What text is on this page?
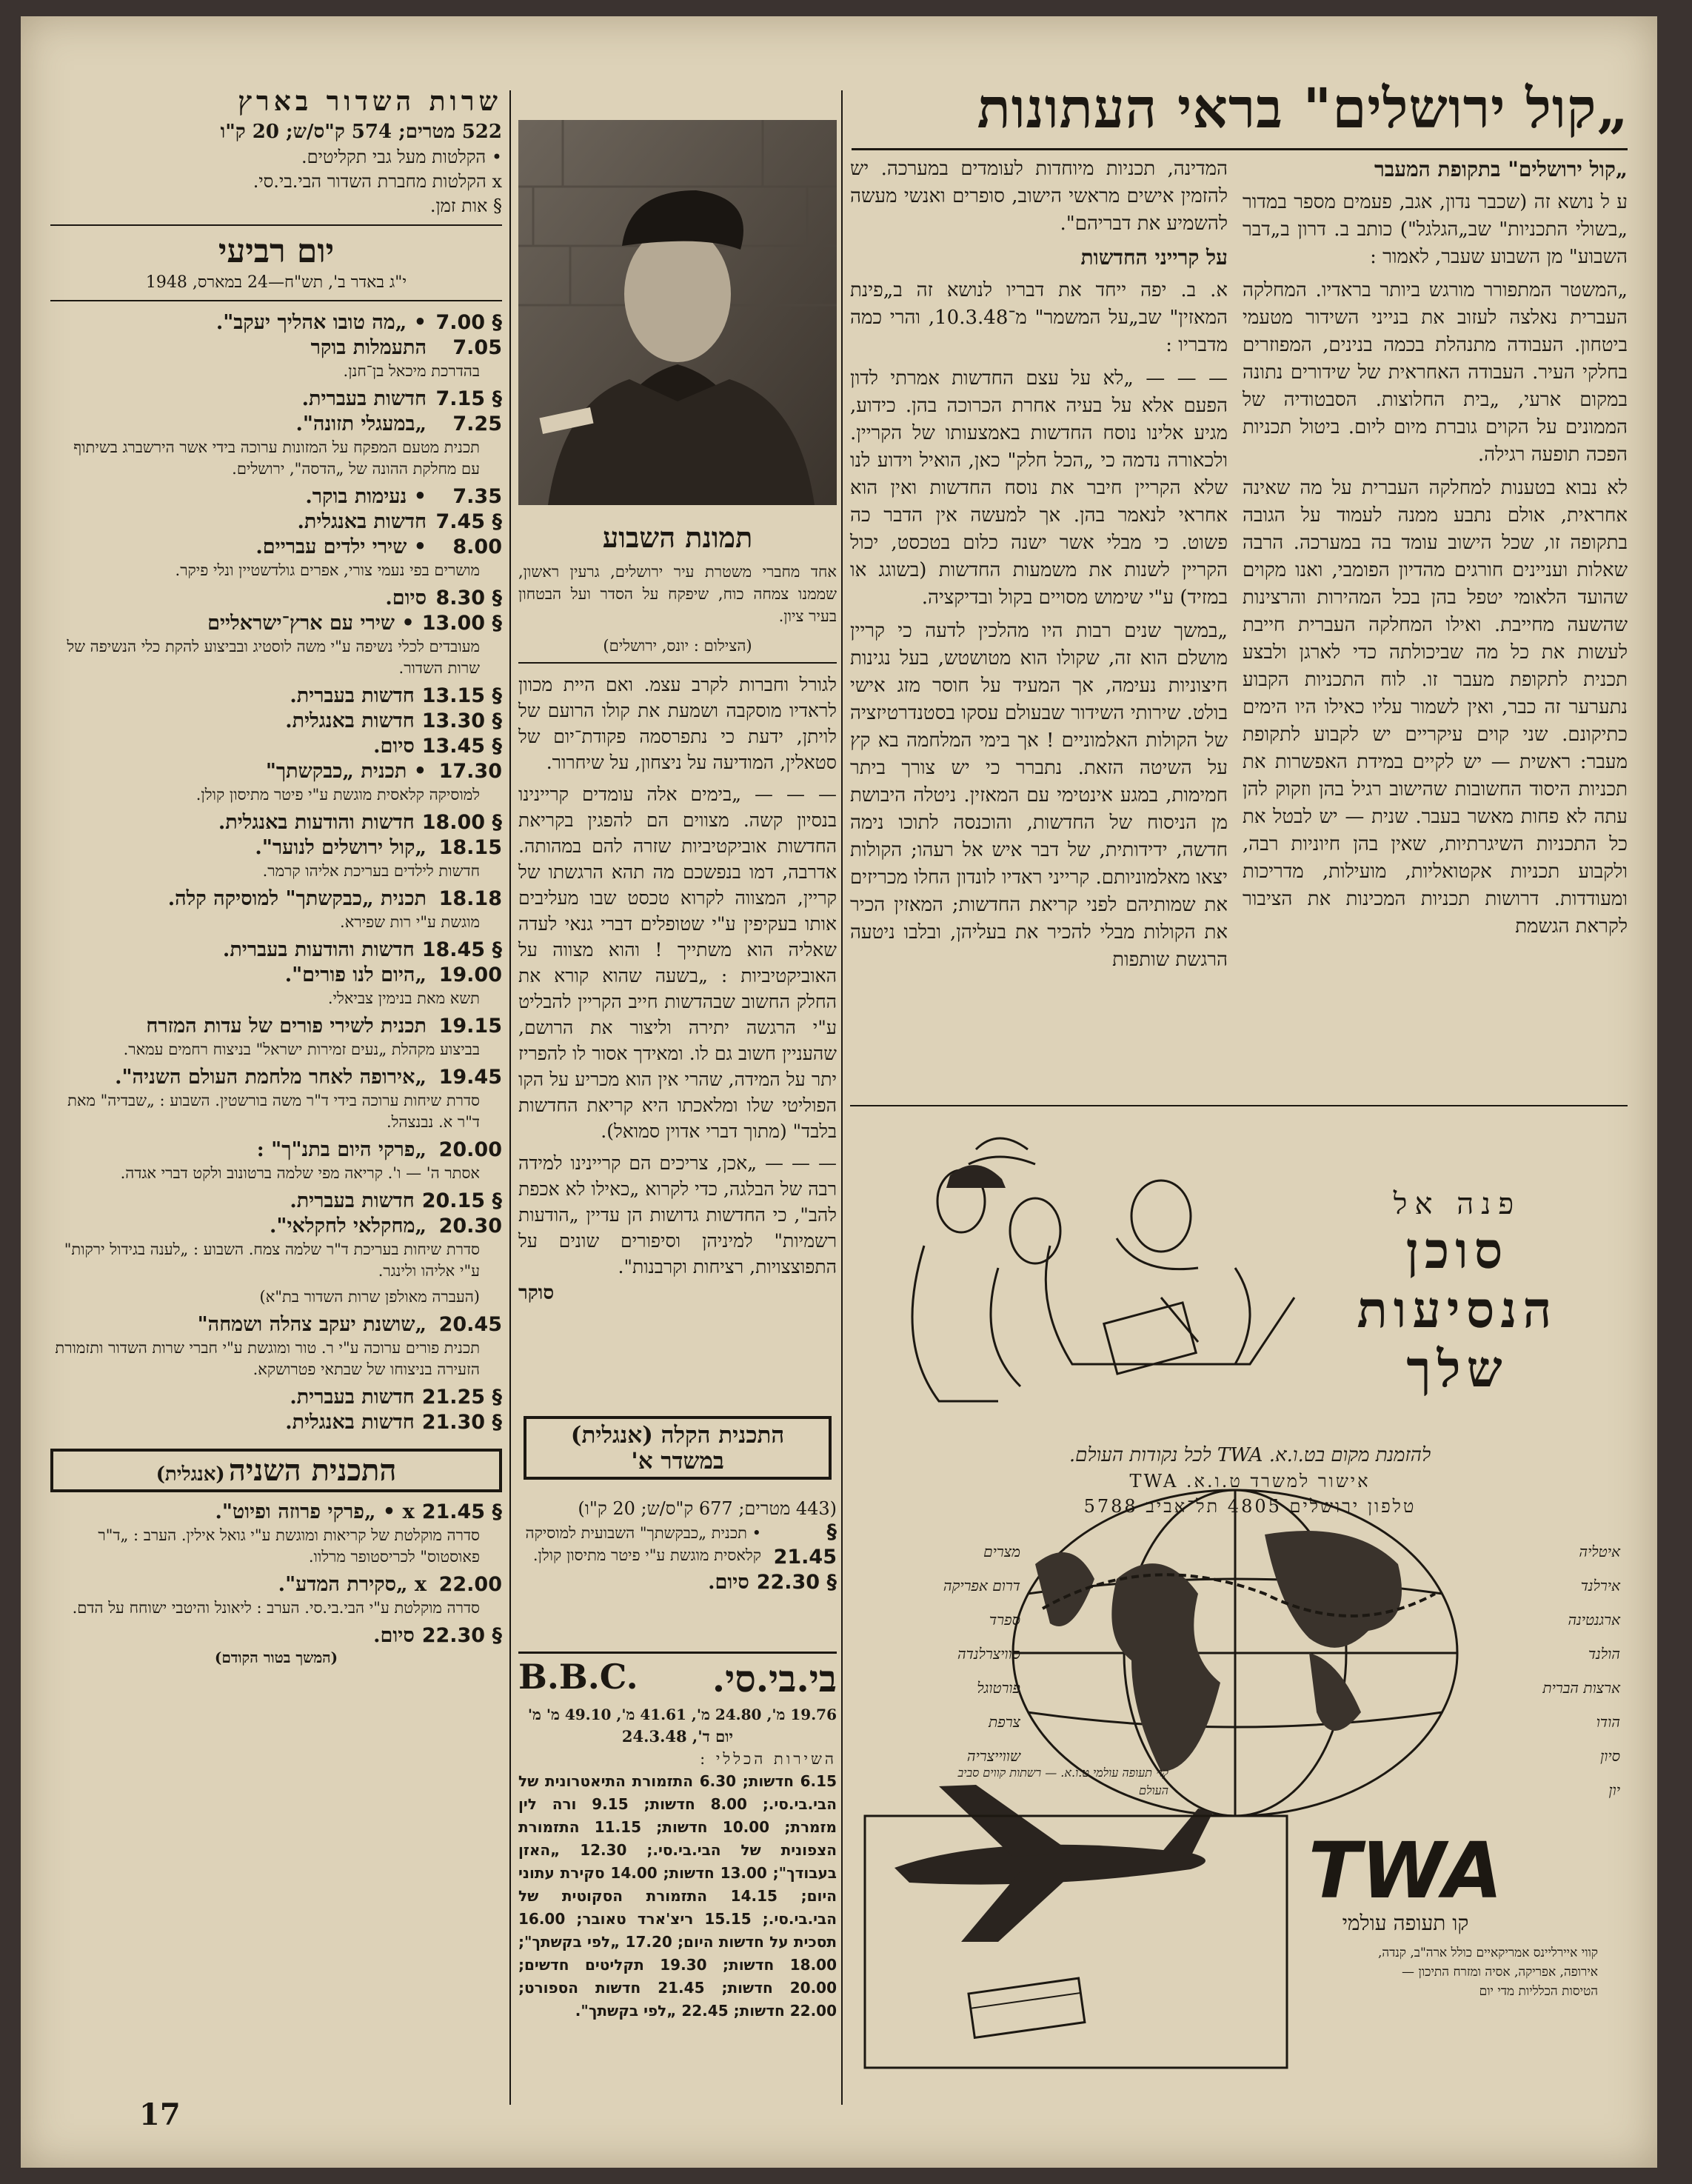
„קול ירושלים" בראי העתונות

„קול ירושלים" בתקופת המעבר

ע ל נושא זה (שכבר נדון, אגב, פעמים מספר במדור „בשולי התכניות" שב„הגלגל") כותב ב. דרון ב„דבר השבוע" מן השבוע שעבר, לאמור :

„המשטר המתפורר מורגש ביותר בראדיו. המחלקה העברית נאלצה לעזוב את בנייני השידור מטעמי ביטחון. העבודה מתנהלת בכמה בנינים, המפוזרים בחלקי העיר. העבודה האחראית של שידורים נתונה במקום ארעי, „בית החלוצות. הסבטודיה של הממונים על הקוים גוברת מיום ליום. ביטול תכניות הפכה תופעה רגילה.

לא נבוא בטענות למחלקה העברית על מה שאינה אחראית, אולם נתבע ממנה לעמוד על הגובה בתקופה זו, שכל הישוב עומד בה במערכה. הרבה שאלות ועניינים חורגים מהדיון הפומבי, ואנו מקוים שהועד הלאומי יטפל בהן בכל המהירות והרצינות שהשעה מחייבת. ואילו המחלקה העברית חייבת לעשות את כל מה שביכולתה כדי לארגן ולבצע תכנית לתקופת מעבר זו. לוח התכניות הקבוע נתערער זה כבר, ואין לשמור עליו כאילו היו הימים כתיקונם. שני קוים עיקריים יש לקבוע לתקופת מעבר: ראשית — יש לקיים במידת האפשרות את תכניות היסוד החשובות שהישוב רגיל בהן וזקוק להן עתה לא פחות מאשר בעבר. שנית — יש לבטל את כל התכניות השיגרתיות, שאין בהן חיוניות רבה, ולקבוע תכניות אקטואליות, מועילות, מדריכות ומעודדות. דרושות תכניות המכינות את הציבור לקראת הגשמת

המדינה, תכניות מיוחדות לעומדים במערכה. יש להזמין אישים מראשי הישוב, סופרים ואנשי מעשה להשמיע את דבריהם".

על קרייני החדשות

א. ב. יפה ייחד את דבריו לנושא זה ב„פינת המאזין" שב„על המשמר" מ־10.3.48, והרי כמה מדבריו :

— — — „לא על עצם החדשות אמרתי לדון הפעם אלא על בעיה אחרת הכרוכה בהן. כידוע, מגיע אלינו נוסח החדשות באמצעותו של הקריין. ולכאורה נדמה כי „הכל חלק" כאן, הואיל וידוע לנו שלא הקריין חיבר את נוסח החדשות ואין הוא אחראי לנאמר בהן. אך למעשה אין הדבר כה פשוט. כי מבלי אשר ישנה כלום בטכסט, יכול הקריין לשנות את משמעות החדשות (בשוגג או במזיד) ע"י שימוש מסויים בקול ובדיקציה.

„במשך שנים רבות היו מהלכין לדעה כי קריין מושלם הוא זה, שקולו הוא מטושטש, בעל נגינות חיצוניות נעימה, אך המעיד על חוסר מזג אישי בולט. שירותי השידור שבעולם עסקו בסטנדרטיזציה של הקולות האלמוניים ! אך בימי המלחמה בא קץ על השיטה הזאת. נתברר כי יש צורך ביתר חמימות, במגע אינטימי עם המאזין. ניטלה היבושת מן הניסוח של החדשות, והוכנסה לתוכו נימה חדשה, ידידותית, של דבר איש אל רעהו; הקולות יצאו מאלמוניותם. קרייני ראדיו לונדון החלו מכריזים את שמותיהם לפני קריאת החדשות; המאזין הכיר את הקולות מבלי להכיר את בעליהן, ובלבו ניטעה הרגשת שותפות

תמונת השבוע
אחד מחברי משטרת עיר ירושלים, גרעין ראשון, שממנו צמחה כוח, שיפקח על הסדר ועל הבטחון בעיר ציון.
(הצילום : יונס, ירושלים)

לגורל וחברות לקרב עצמ. ואם היית מכוון לראדיו מוסקבה ושמעת את קולו הרועם של לויתן, ידעת כי נתפרסמה פקודת־יום של סטאלין, המודיעה על ניצחון, על שיחרור.

— — — „בימים אלה עומדים קריינינו בנסיון קשה. מצווים הם להפגין בקריאת החדשות אוביקטיביות שזרה להם במהותה. אדרבה, דמו בנפשכם מה תהא הרגשתו של קריין, המצווה לקרוא טכסט שבו מעליבים אותו בעקיפין ע"י שטופלים דברי גנאי לעדה שאליה הוא משתייך ! והוא מצווה על האוביקטיביות : „בשעה שהוא קורא את החלק החשוב שבהדשות חייב הקריין להבליט ע"י הרגשה יתירה וליצור את הרושם, שהעניין חשוב גם לו. ומאידך אסור לו להפריז יתר על המידה, שהרי אין הוא מכריע על הקו הפוליטי שלו ומלאכתו היא קריאת החדשות בלבד" (מתוך דברי אדוין סמואל).

— — — „אכן, צריכים הם קריינינו למידה רבה של הבלגה, כדי לקרוא „כאילו לא אכפת להב", כי החדשות גדושות הן עדיין „הודעות רשמיות" למיניהן וסיפורים שונים על התפוצצויות, רציחות וקרבנות".

סוקר

התכנית הקלה (אנגלית)
במשדר א'
(443 מטרים; 677 ק"ס/ש; 20 ק"ו)
§ 21.45
• תכנית „כבקשתך" השבועית למוסיקה קלאסית מוגשת ע"י פיטר מתיסון קולן.
§ 22.30
סיום.
B.B.C. בי.בי.סי.
19.76 מ', 24.80 מ', 41.61 מ', 49.10 מ' מ'
יום ד', 24.3.48
השירות הכללי :
6.15 חדשות; 6.30 התזמורת התיאטרונית של הבי.בי.סי.; 8.00 חדשות; 9.15 ורה לין מזמרת; 10.00 חדשות; 11.15 התזמורת הצפונית של הבי.בי.סי.; 12.30 „האזן בעבודך"; 13.00 חדשות; 14.00 סקירת עתוני היום; 14.15 התזמורת הסקוטית של הבי.בי.סי.; 15.15 ריצ'ארד טאובר; 16.00 תסכית על חדשות היום; 17.20 „לפי בקשתך"; 18.00 חדשות; 19.30 תקליטים חדשים; 20.00 חדשות; 21.45 חדשות הספורט; 22.00 חדשות; 22.45 „לפי בקשתך".
שרות השדור בארץ
522 מטרים; 574 ק"ס/ש; 20 ק"ו
• הקלטות מעל גבי תקליטים.
x הקלטות מחברת השדור הבי.בי.סי.
§ אות זמן.
יום רביעי
י"ג באדר ב', תש"ח—24 במארס, 1948
§ 7.00
• „מה טובו אהליך יעקב".
7.05
התעמלות בוקר
בהדרכת מיכאל בן־חנן.
§ 7.15
חדשות בעברית.
7.25
„במעגלי תזונה".
תכנית מטעם המפקח על המזונות ערוכה בידי אשר הירשברג בשיתוף עם מחלקת ההונה של „הדסה", ירושלים.
7.35
• נעימות בוקר.
§ 7.45
חדשות באנגלית.
8.00
• שירי ילדים עבריים.
מושרים בפי נעמי צורי, אפרים גולדשטיין ונלי פיקר.
§ 8.30
סיום.
§ 13.00
• שירי עם ארץ־ישראליים
מעובדים לכלי נשיפה ע"י משה לוסטיג ובביצוע להקת כלי הנשיפה של שרות השדור.
§ 13.15
חדשות בעברית.
§ 13.30
חדשות באנגלית.
§ 13.45
סיום.
17.30
• תכנית „כבקשתך"
למוסיקה קלאסית מוגשת ע"י פיטר מתיסון קולן.
§ 18.00
חדשות והודעות באנגלית.
18.15
„קול ירושלים לנוער".
חדשות לילדים בעריכת אליהו קרמר.
18.18
תכנית „כבקשתך" למוסיקה קלה.
מוגשת ע"י רות שפירא.
§ 18.45
חדשות והודעות בעברית.
19.00
„היום לנו פורים".
תשא מאת בנימין צביאלי.
19.15
תכנית לשירי פורים של עדות המזרח
בביצוע מקהלת „נעים זמירות ישראל" בניצוח רחמים עמאר.
19.45
„אירופה לאחר מלחמת העולם השניה".
סדרת שיחות ערוכה בידי ד"ר משה בורשטין. השבוע : „שבדיה" מאת ד"ר א. נבנצהל.
20.00
„פרקי היום בתנ"ך" :
אסתר ה' — ו'. קריאה מפי שלמה ברטונוב ולקט דברי אגדה.
§ 20.15
חדשות בעברית.
20.30
„מחקלאי לחקלאי".
סדרת שיחות בעריכת ד"ר שלמה צמח. השבוע : „לענה בגידול ירקות" ע"י אליהו ולינגר.
(העברה מאולפן שרות השדור בת"א)
20.45
„שושנת יעקב צהלה ושמחה"
תכנית פורים ערוכה ע"י ר. טור ומוגשת ע"י חברי שרות השדור ותזמורת הזעירה בניצוחו של שבתאי פטרושקא.
§ 21.25
חדשות בעברית.
§ 21.30
חדשות באנגלית.
התכנית השניה (אנגלית)
§ 21.45
x • „פרקי פרוזה ופיוט".
סדרה מוקלטת של קריאות ומוגשת ע"י גואל אילין. הערב : „ד"ר פאוסטוס" לכריסטופר מרלוו.
22.00
x „סקירת המדע".
סדרה מוקלטת ע"י הבי.בי.סי. הערב : ליאונל והיטבי ישוחח על הדם.
§ 22.30
סיום.
(המשך בטור הקודם)
17
פנה אל
סוכן
הנסיעות
שלך
להזמנת מקום בט.ו.א. TWA לכל נקודות העולם.
אישור למשרד ט.ו.א. TWA
טלפון ירושלים 4805 תל־אביב 5788
מצרים
דרום אפריקה
ספרד
סוויצרלנדה
פורטוגל
צרפת
שווייצריה
איטליה
אירלנד
ארגנטינה
הולנד
ארצות הברית
הודו
סיון
יון
קוי תעופה עולמי ט.ו.א. — רשתות קווים סביב העולם
TWA
קו תעופה עולמי
קווי איירליינס אמריקאיים כולל ארה"ב, קנדה, אירופה, אפריקה, אסיה ומזרח התיכון — הטיסות הכלליות מדי יום
